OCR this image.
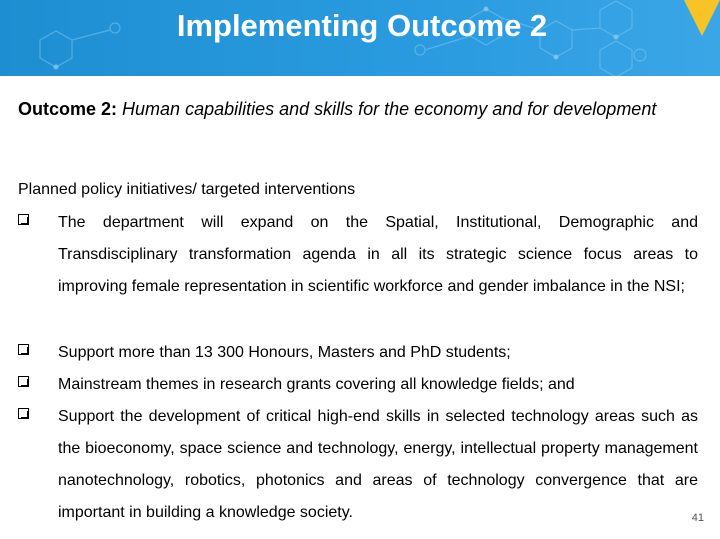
Implementing Outcome 2
Outcome 2: Human capabilities and skills for the economy and for development
Planned policy initiatives/ targeted interventions
The department will expand on the Spatial, Institutional, Demographic and Transdisciplinary transformation agenda in all its strategic science focus areas to improving female representation in scientific workforce and gender imbalance in the NSI;
Support more than 13 300 Honours, Masters and PhD students;
Mainstream themes in research grants covering all knowledge fields; and
Support the development of critical high-end skills in selected technology areas such as the bioeconomy, space science and technology, energy, intellectual property management nanotechnology, robotics, photonics and areas of technology convergence that are important in building a knowledge society.	41
